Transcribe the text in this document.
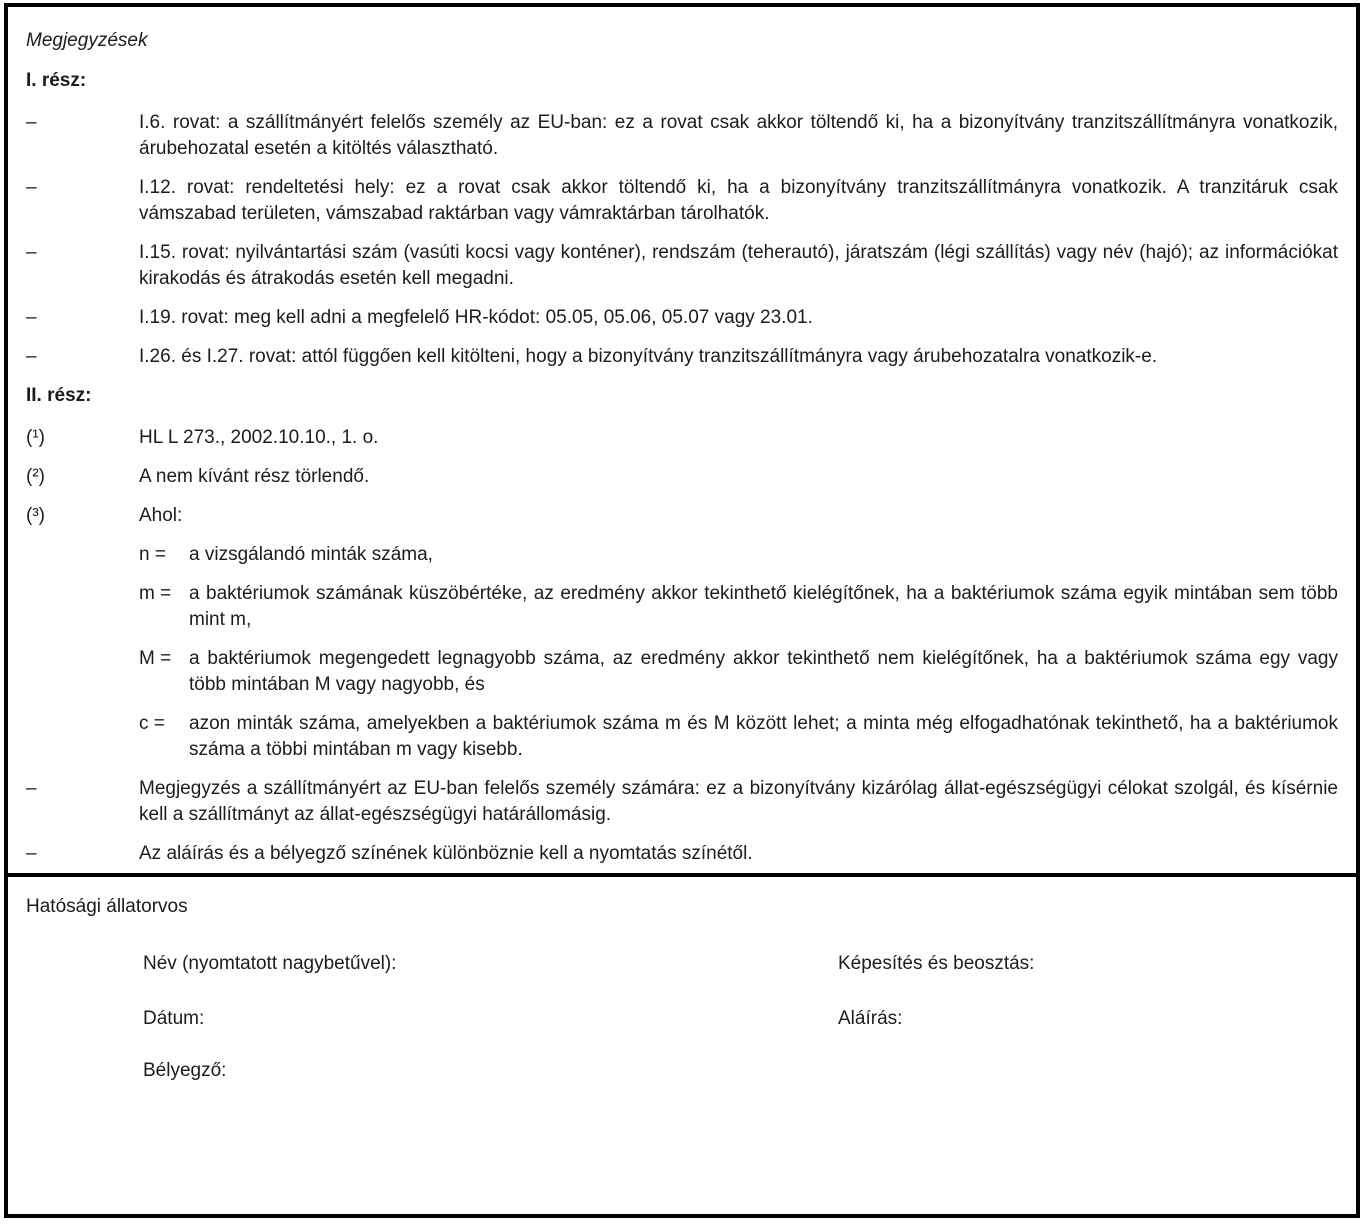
Megjegyzések

I. rész:

–	I.6. rovat: a szállítmányért felelős személy az EU-ban: ez a rovat csak akkor töltendő ki, ha a bizonyítvány tranzitszállítmányra vonatkozik, árubehozatal esetén a kitöltés választható.
–	I.12. rovat: rendeltetési hely: ez a rovat csak akkor töltendő ki, ha a bizonyítvány tranzitszállítmányra vonatkozik. A tranzitáruk csak vámszabad területen, vámszabad raktárban vagy vámraktárban tárolhatók.
–	I.15. rovat: nyilvántartási szám (vasúti kocsi vagy konténer), rendszám (teherautó), járatszám (légi szállítás) vagy név (hajó); az információkat kirakodás és átrakodás esetén kell megadni.
–	I.19. rovat: meg kell adni a megfelelő HR-kódot: 05.05, 05.06, 05.07 vagy 23.01.
–	I.26. és I.27. rovat: attól függően kell kitölteni, hogy a bizonyítvány tranzitszállítmányra vagy árubehozatalra vonatkozik-e.

II. rész:

(¹)	HL L 273., 2002.10.10., 1. o.
(²)	A nem kívánt rész törlendő.
(³)	Ahol:
n =	a vizsgálandó minták száma,
m = a baktériumok számának küszöbértéke, az eredmény akkor tekinthető kielégítőnek, ha a baktériumok száma egyik mintában sem több mint m,
M = a baktériumok megengedett legnagyobb száma, az eredmény akkor tekinthető nem kielégítőnek, ha a baktériumok száma egy vagy több mintában M vagy nagyobb, és
c =	azon minták száma, amelyekben a baktériumok száma m és M között lehet; a minta még elfogadhatónak tekinthető, ha a baktériumok száma a többi mintában m vagy kisebb.
–	Megjegyzés a szállítmányért az EU-ban felelős személy számára: ez a bizonyítvány kizárólag állat-egészségügyi célokat szolgál, és kísérnie kell a szállítmányt az állat-egészségügyi határállomásig.
–	Az aláírás és a bélyegző színének különböznie kell a nyomtatás színétől.
Hatósági állatorvos
Név (nyomtatott nagybetűvel):	Képesítés és beosztás:
Dátum:	Aláírás:
Bélyegző:
